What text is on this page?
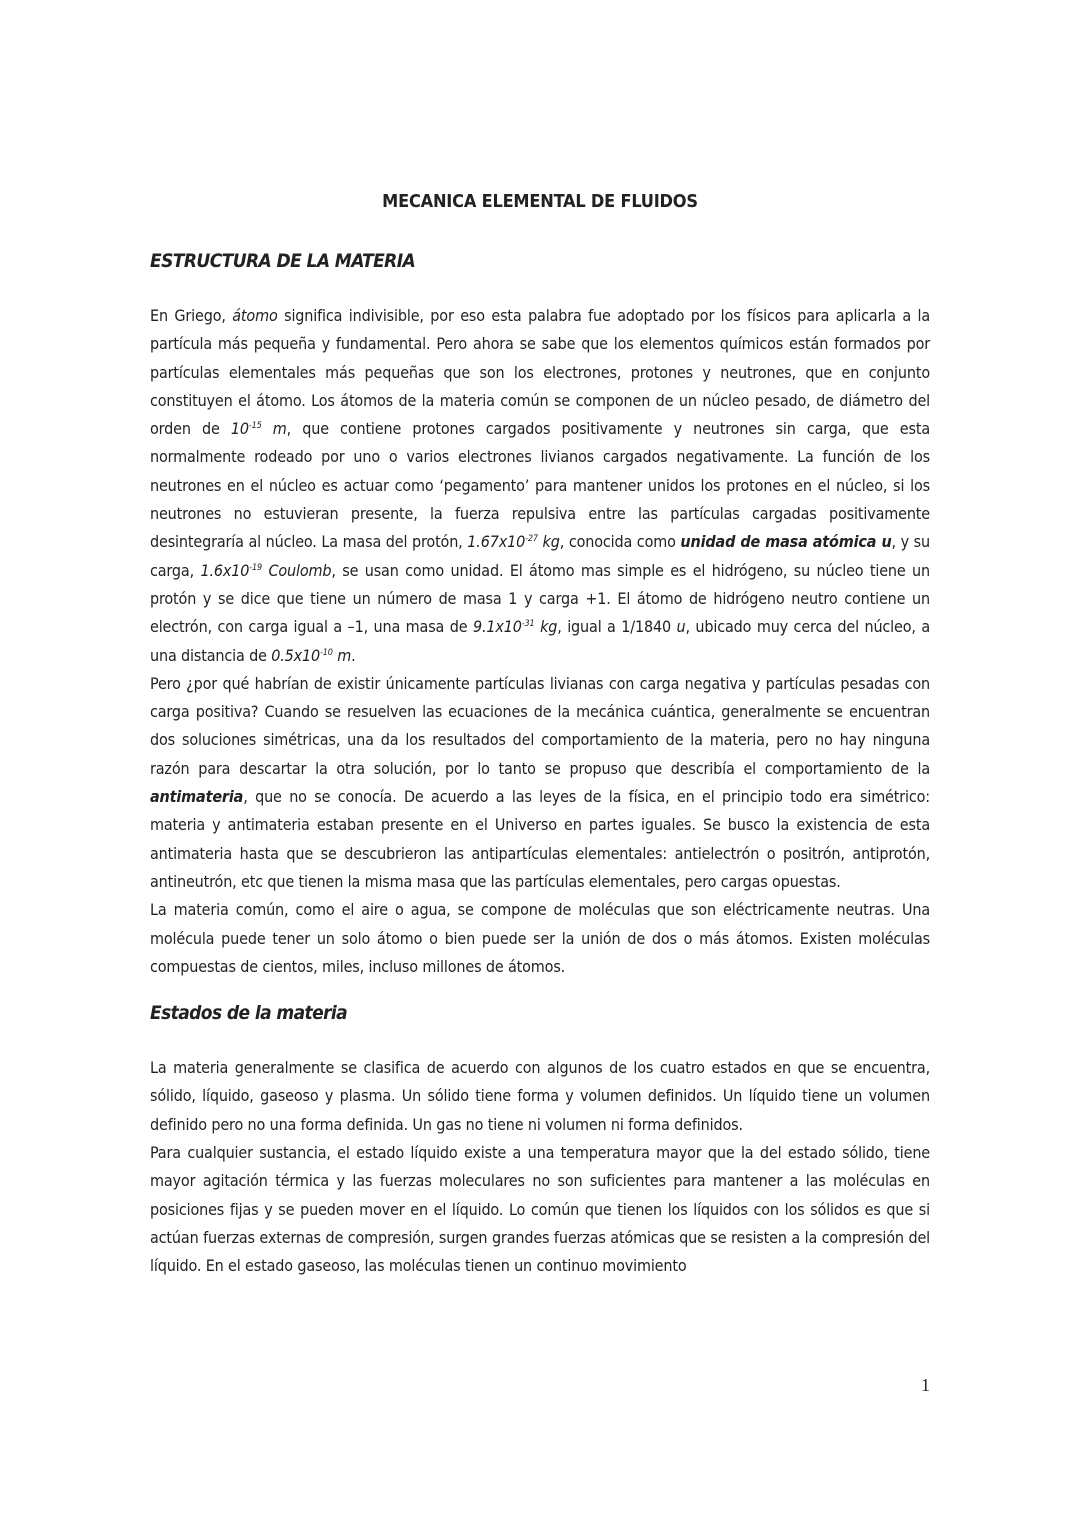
MECANICA ELEMENTAL DE FLUIDOS
ESTRUCTURA DE LA MATERIA

En Griego, átomo significa indivisible, por eso esta palabra fue adoptado por los físicos para aplicarla a la partícula más pequeña y fundamental. Pero ahora se sabe que los elementos químicos están formados por partículas elementales más pequeñas que son los electrones, protones y neutrones, que en conjunto constituyen el átomo. Los átomos de la materia común se componen de un núcleo pesado, de diámetro del orden de $10^{-15}$ m, que contiene protones cargados positivamente y neutrones sin carga, que esta normalmente rodeado por uno o varios electrones livianos cargados negativamente. La función de los neutrones en el núcleo es actuar como ‘pegamento’ para mantener unidos los protones en el núcleo, si los neutrones no estuvieran presente, la fuerza repulsiva entre las partículas cargadas positivamente desintegraría al núcleo. La masa del protón, $1.67x10^{-27}$ kg, conocida como unidad de masa atómica u, y su carga, $1.6x10^{-19}$ Coulomb, se usan como unidad. El átomo mas simple es el hidrógeno, su núcleo tiene un protón y se dice que tiene un número de masa 1 y carga +1. El átomo de hidrógeno neutro contiene un electrón, con carga igual a –1, una masa de $9.1x10^{-31}$ kg, igual a 1/1840 u, ubicado muy cerca del núcleo, a una distancia de $0.5x10^{-10}$ m.

Pero ¿por qué habrían de existir únicamente partículas livianas con carga negativa y partículas pesadas con carga positiva? Cuando se resuelven las ecuaciones de la mecánica cuántica, generalmente se encuentran dos soluciones simétricas, una da los resultados del comportamiento de la materia, pero no hay ninguna razón para descartar la otra solución, por lo tanto se propuso que describía el comportamiento de la antimateria, que no se conocía. De acuerdo a las leyes de la física, en el principio todo era simétrico: materia y antimateria estaban presente en el Universo en partes iguales. Se busco la existencia de esta antimateria hasta que se descubrieron las antipartículas elementales: antielectrón o positrón, antiprotón, antineutrón, etc que tienen la misma masa que las partículas elementales, pero cargas opuestas.

La materia común, como el aire o agua, se compone de moléculas que son eléctricamente neutras. Una molécula puede tener un solo átomo o bien puede ser la unión de dos o más átomos. Existen moléculas compuestas de cientos, miles, incluso millones de átomos.

Estados de la materia

La materia generalmente se clasifica de acuerdo con algunos de los cuatro estados en que se encuentra, sólido, líquido, gaseoso y plasma. Un sólido tiene forma y volumen definidos. Un líquido tiene un volumen definido pero no una forma definida. Un gas no tiene ni volumen ni forma definidos.

Para cualquier sustancia, el estado líquido existe a una temperatura mayor que la del estado sólido, tiene mayor agitación térmica y las fuerzas moleculares no son suficientes para mantener a las moléculas en posiciones fijas y se pueden mover en el líquido. Lo común que tienen los líquidos con los sólidos es que si actúan fuerzas externas de compresión, surgen grandes fuerzas atómicas que se resisten a la compresión del líquido. En el estado gaseoso, las moléculas tienen un continuo movimiento

1
